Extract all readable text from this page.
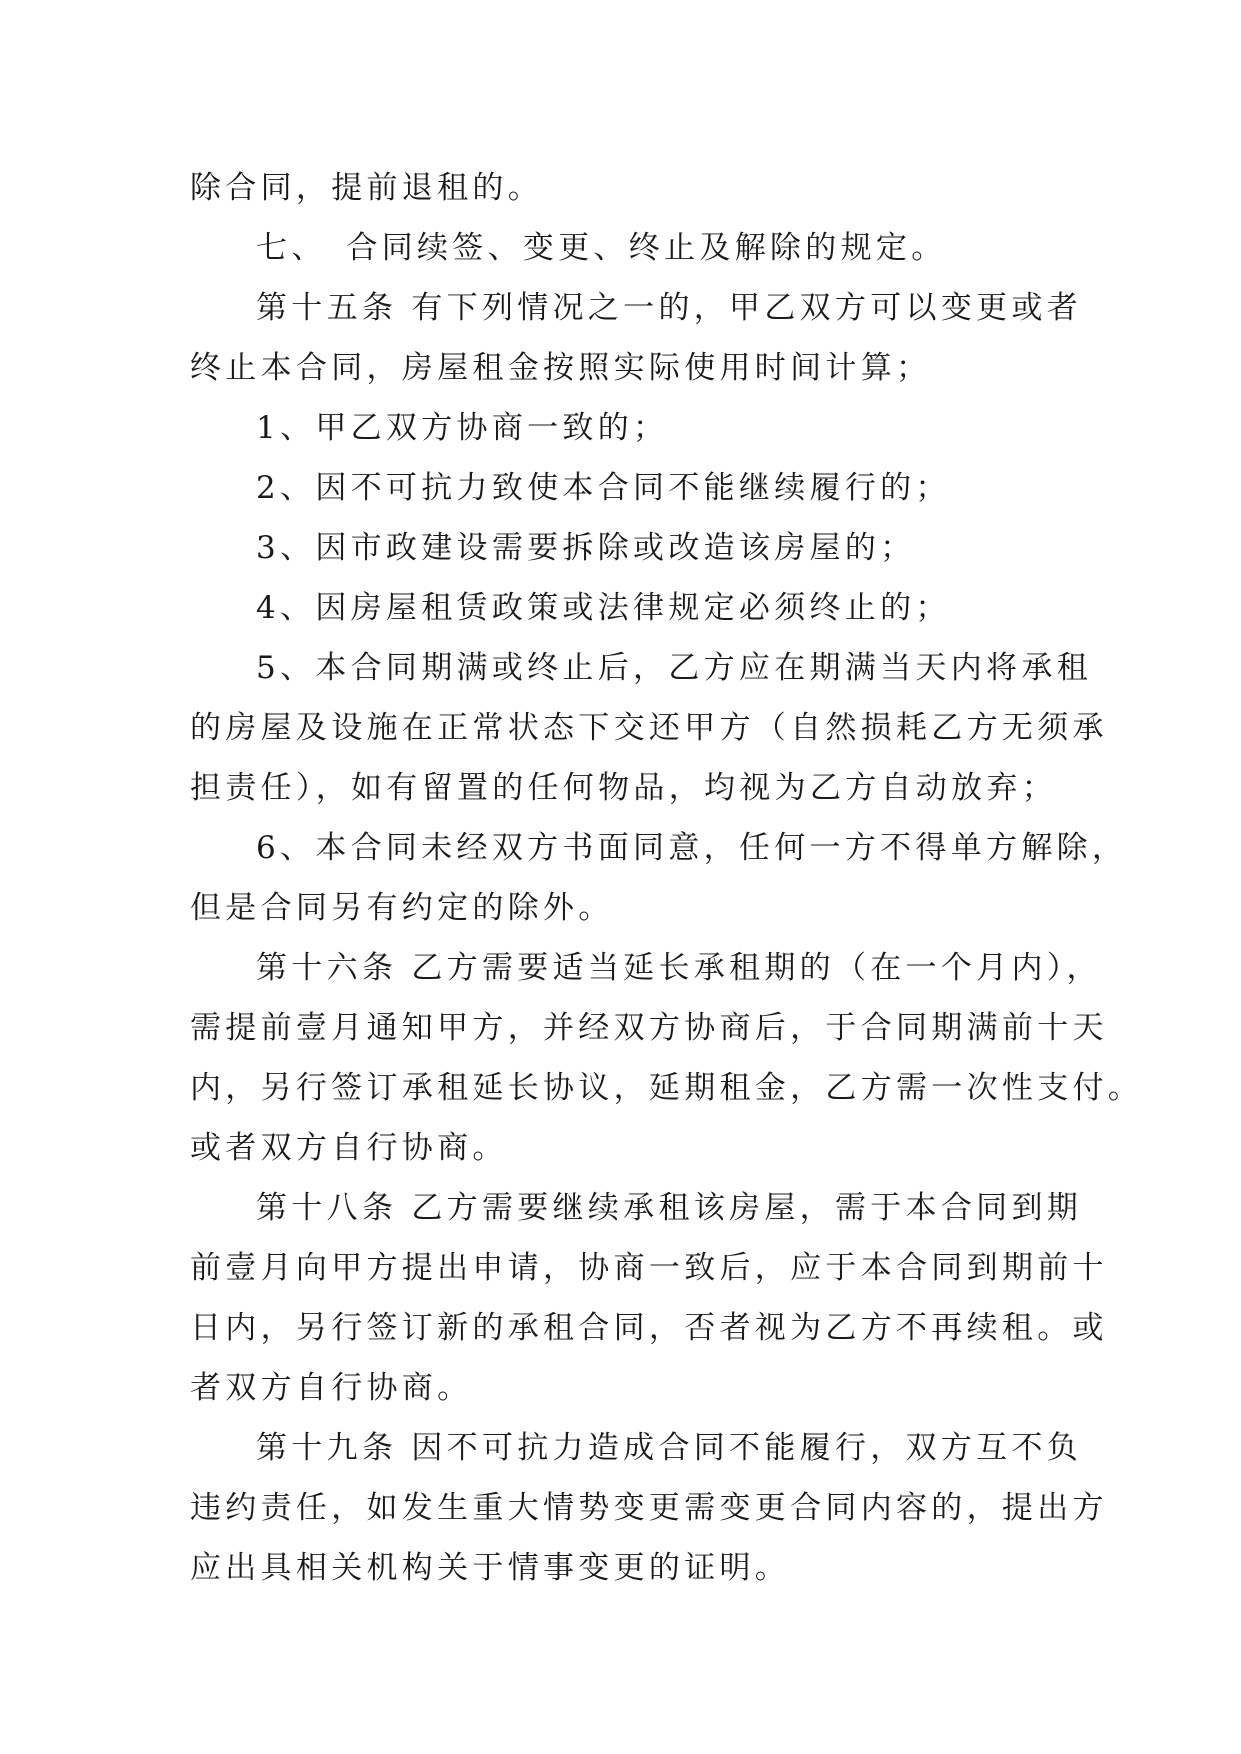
除合同，提前退租的。
七、　合同续签、变更、终止及解除的规定。
第十五条 有下列情况之一的，甲乙双方可以变更或者
终止本合同，房屋租金按照实际使用时间计算；
1、甲乙双方协商一致的；
2、因不可抗力致使本合同不能继续履行的；
3、因市政建设需要拆除或改造该房屋的；
4、因房屋租赁政策或法律规定必须终止的；
5、本合同期满或终止后，乙方应在期满当天内将承租
的房屋及设施在正常状态下交还甲方（自然损耗乙方无须承
担责任），如有留置的任何物品，均视为乙方自动放弃；
6、本合同未经双方书面同意，任何一方不得单方解除，
但是合同另有约定的除外。
第十六条 乙方需要适当延长承租期的（在一个月内），
需提前壹月通知甲方，并经双方协商后，于合同期满前十天
内，另行签订承租延长协议，延期租金，乙方需一次性支付。
或者双方自行协商。
第十八条 乙方需要继续承租该房屋，需于本合同到期
前壹月向甲方提出申请，协商一致后，应于本合同到期前十
日内，另行签订新的承租合同，否者视为乙方不再续租。或
者双方自行协商。
第十九条 因不可抗力造成合同不能履行，双方互不负
违约责任，如发生重大情势变更需变更合同内容的，提出方
应出具相关机构关于情事变更的证明。
